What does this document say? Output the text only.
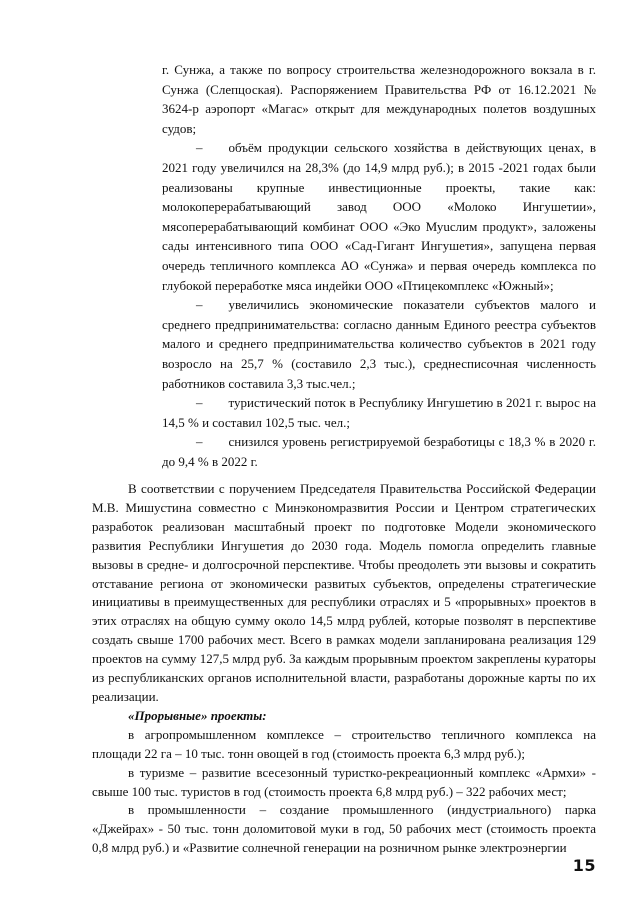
г. Сунжа, а также по вопросу строительства железнодорожного вокзала в г. Сунжа (Слепцоская). Распоряжением Правительства РФ от 16.12.2021 № 3624-р аэропорт «Магас» открыт для международных полетов воздушных судов;

–  объём продукции сельского хозяйства в действующих ценах, в 2021 году увеличился на 28,3% (до 14,9 млрд руб.); в 2015 -2021 годах были реализованы крупные инвестиционные проекты, такие как: молокоперерабатывающий завод ООО «Молоко Ингушетии», мясоперерабатывающий комбинат ООО «Эко Муuслим продукт», заложены сады интенсивного типа ООО «Сад-Гигант Ингушетия», запущена первая очередь тепличного комплекса АО «Сунжа» и первая очередь комплекса по глубокой переработке мяса индейки ООО «Птицекомплекс «Южный»;

–  увеличились экономические показатели субъектов малого и среднего предпринимательства: согласно данным Единого реестра субъектов малого и среднего предпринимательства количество субъектов в 2021 году возросло на 25,7 % (составило 2,3 тыс.), среднесписочная численность работников составила 3,3 тыс.чел.;

–  туристический поток в Республику Ингушетию в 2021 г. вырос на 14,5 % и составил 102,5 тыс. чел.;

–  снизился уровень регистрируемой безработицы с 18,3 % в 2020 г. до 9,4 % в 2022 г.

В соответствии с поручением Председателя Правительства Российской Федерации М.В. Мишустина совместно с Минэкономразвития России и Центром стратегических разработок реализован масштабный проект по подготовке Модели экономического развития Республики Ингушетия до 2030 года. Модель помогла определить главные вызовы в средне- и долгосрочной перспективе. Чтобы преодолеть эти вызовы и сократить отставание региона от экономически развитых субъектов, определены стратегические инициативы в преимущественных для республики отраслях и 5 «прорывных» проектов в этих отраслях на общую сумму около 14,5 млрд рублей, которые позволят в перспективе создать свыше 1700 рабочих мест. Всего в рамках модели запланирована реализация 129 проектов на сумму 127,5 млрд руб. За каждым прорывным проектом закреплены кураторы из республиканских органов исполнительной власти, разработаны дорожные карты по их реализации.

«Прорывные» проекты:

в агропромышленном комплексе – строительство тепличного комплекса на площади 22 га – 10 тыс. тонн овощей в год (стоимость проекта 6,3 млрд руб.);

в туризме – развитие всесезонный туристко-рекреационный комплекс «Армхи» - свыше 100 тыс. туристов в год (стоимость проекта 6,8 млрд руб.) – 322 рабочих мест;

в промышленности – создание промышленного (индустриального) парка «Джейрах» - 50 тыс. тонн доломитовой муки в год, 50 рабочих мест (стоимость проекта 0,8 млрд руб.) и «Развитие солнечной генерации на розничном рынке электроэнергии

15
